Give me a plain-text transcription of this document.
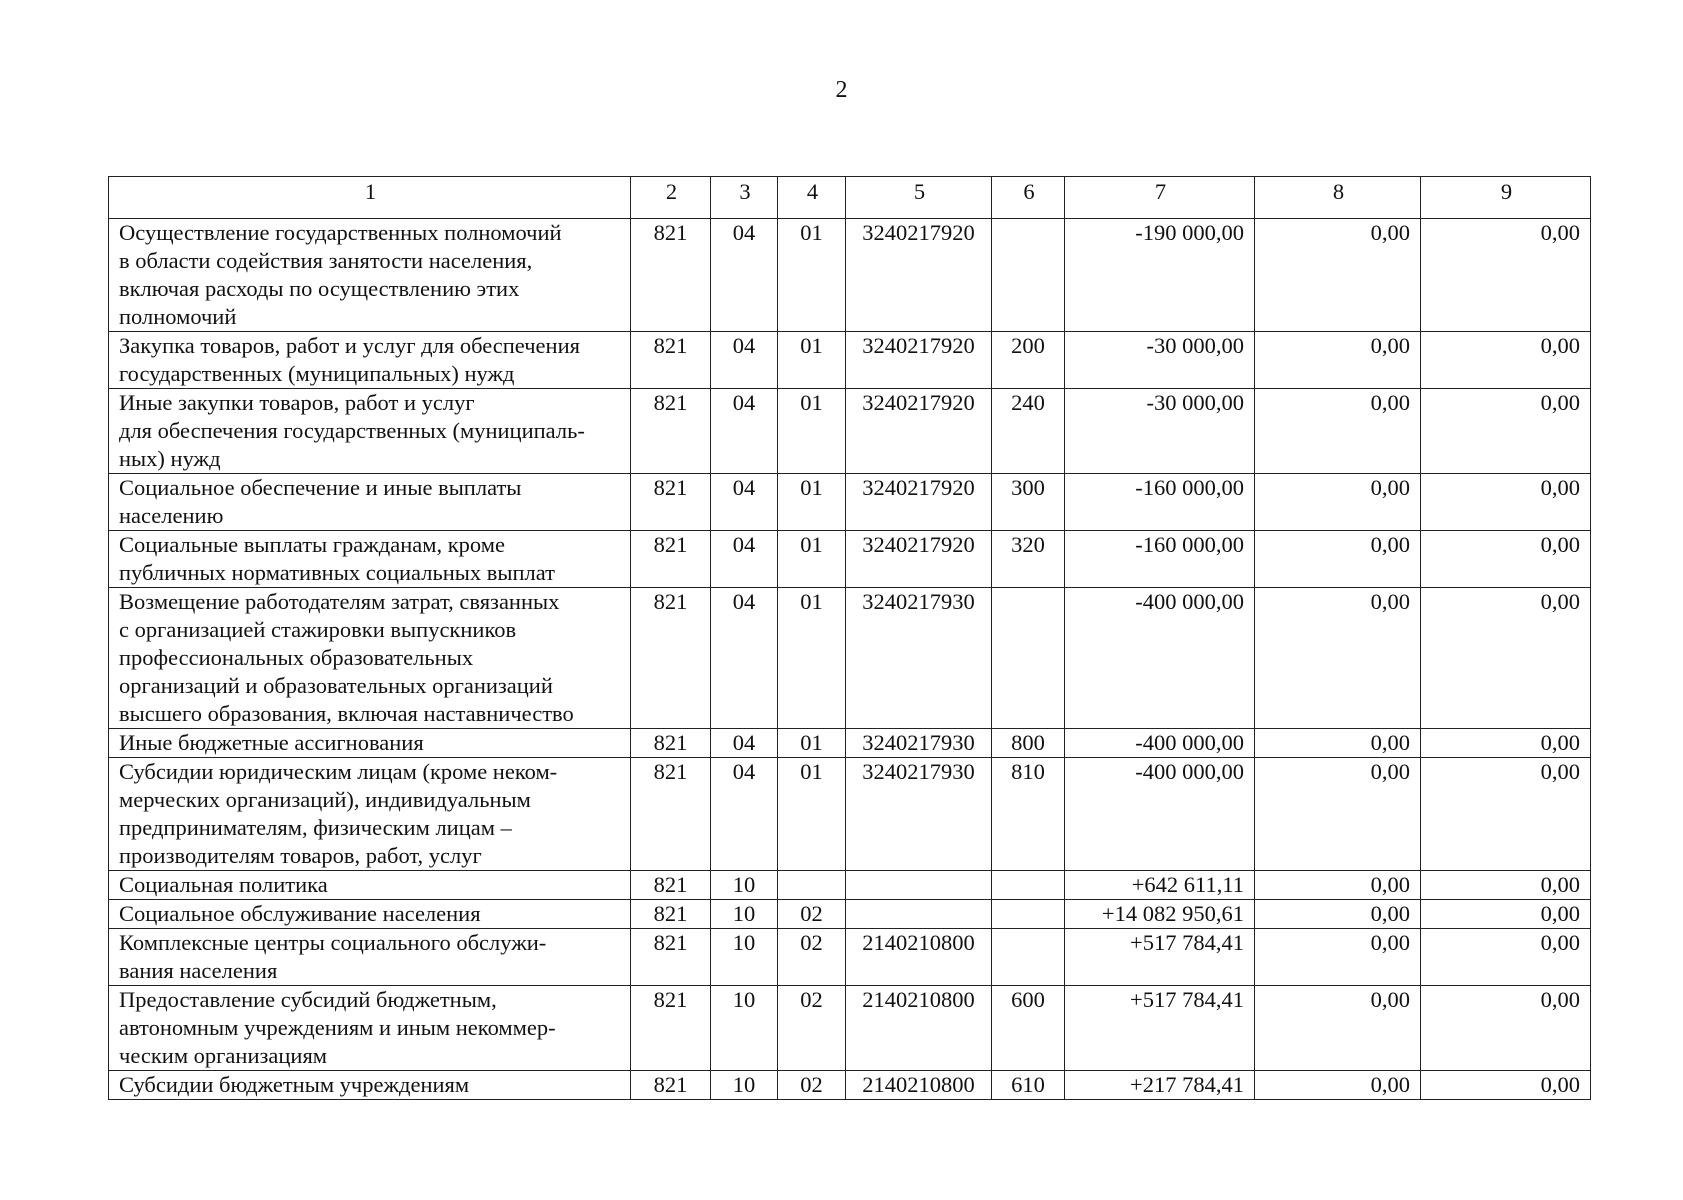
2
1	2	3	4	5	6	7	8	9

Осуществление государственных полномочий
в области содействия занятости населения,
включая расходы по осуществлению этих
полномочий	821	04	01	3240217920		-190 000,00	0,00	0,00

Закупка товаров, работ и услуг для обеспечения
государственных (муниципальных) нужд	821	04	01	3240217920	200	-30 000,00	0,00	0,00

Иные закупки товаров, работ и услуг
для обеспечения государственных (муниципаль-
ных) нужд	821	04	01	3240217920	240	-30 000,00	0,00	0,00

Социальное обеспечение и иные выплаты
населению	821	04	01	3240217920	300	-160 000,00	0,00	0,00

Социальные выплаты гражданам, кроме
публичных нормативных социальных выплат	821	04	01	3240217920	320	-160 000,00	0,00	0,00

Возмещение работодателям затрат, связанных
с организацией стажировки выпускников
профессиональных образовательных
организаций и образовательных организаций
высшего образования, включая наставничество	821	04	01	3240217930		-400 000,00	0,00	0,00

Иные бюджетные ассигнования	821	04	01	3240217930	800	-400 000,00	0,00	0,00

Субсидии юридическим лицам (кроме неком-
мерческих организаций), индивидуальным
предпринимателям, физическим лицам –
производителям товаров, работ, услуг	821	04	01	3240217930	810	-400 000,00	0,00	0,00

Социальная политика	821	10				+642 611,11	0,00	0,00

Социальное обслуживание населения	821	10	02			+14 082 950,61	0,00	0,00

Комплексные центры социального обслужи-
вания населения	821	10	02	2140210800		+517 784,41	0,00	0,00

Предоставление субсидий бюджетным,
автономным учреждениям и иным некоммер-
ческим организациям	821	10	02	2140210800	600	+517 784,41	0,00	0,00

Субсидии бюджетным учреждениям	821	10	02	2140210800	610	+217 784,41	0,00	0,00
